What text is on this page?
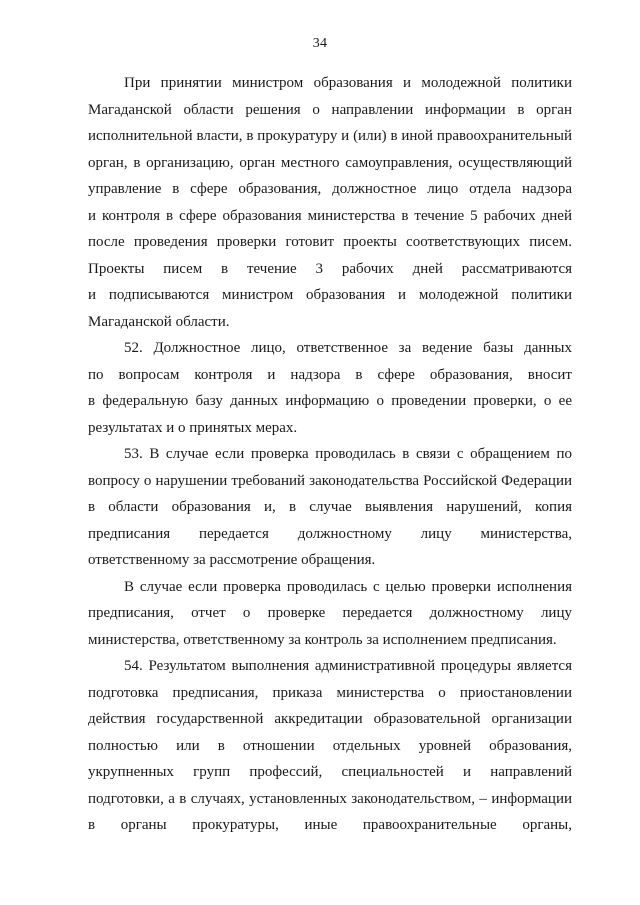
34
При принятии министром образования и молодежной политики
Магаданской области решения о направлении информации в орган
исполнительной власти, в прокуратуру и (или) в иной правоохранительный
орган, в организацию, орган местного самоуправления, осуществляющий
управление в сфере образования, должностное лицо отдела надзора
и контроля в сфере образования министерства в течение 5 рабочих дней
после проведения проверки готовит проекты соответствующих писем.
Проекты писем в течение 3 рабочих дней рассматриваются
и подписываются министром образования и молодежной политики
Магаданской области.
52. Должностное лицо, ответственное за ведение базы данных
по вопросам контроля и надзора в сфере образования, вносит
в федеральную базу данных информацию о проведении проверки, о ее
результатах и о принятых мерах.
53. В случае если проверка проводилась в связи с обращением по
вопросу о нарушении требований законодательства Российской Федерации
в области образования и, в случае выявления нарушений, копия
предписания передается должностному лицу министерства,
ответственному за рассмотрение обращения.
В случае если проверка проводилась с целью проверки исполнения
предписания, отчет о проверке передается должностному лицу
министерства, ответственному за контроль за исполнением предписания.
54. Результатом выполнения административной процедуры является
подготовка предписания, приказа министерства о приостановлении
действия государственной аккредитации образовательной организации
полностью или в отношении отдельных уровней образования,
укрупненных групп профессий, специальностей и направлений
подготовки, а в случаях, установленных законодательством, – информации
в органы прокуратуры, иные правоохранительные органы,
